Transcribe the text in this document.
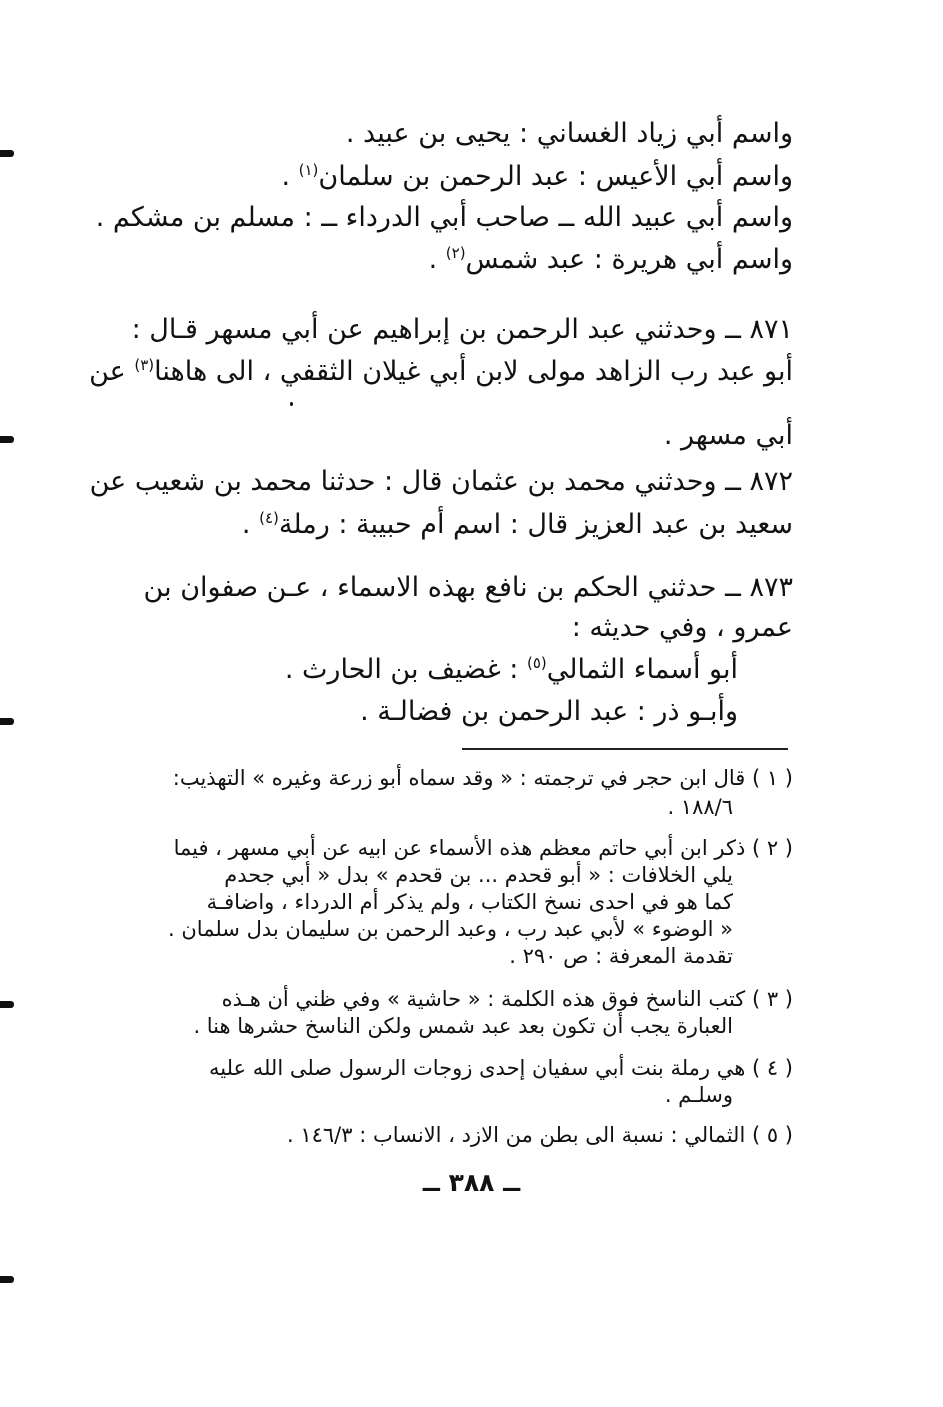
واسم أبي زياد الغساني : يحيى بن عبيد .
واسم أبي الأعيس : عبد الرحمن بن سلمان$^{(١)}$ .
واسم أبي عبيد الله ــ صاحب أبي الدرداء ــ : مسلم بن مشكم .
واسم أبي هريرة : عبد شمس$^{(٢)}$ .
٨٧١ ــ وحدثني عبد الرحمن بن إبراهيم عن أبي مسهر قـال :
أبو عبد رب الزاهد مولى لابن أبي غيلان الثقفي ، الى هاهنا$^{(٣)}$ عن
أبي مسهر .
٨٧٢ ــ وحدثني محمد بن عثمان قال : حدثنا محمد بن شعيب عن
سعيد بن عبد العزيز قال : اسم أم حبيبة : رملة$^{(٤)}$ .
٨٧٣ ــ حدثني الحكم بن نافع بهذه الاسماء ، عـن صفوان بن
عمرو ، وفي حديثه :
أبو أسماء الثمالي$^{(٥)}$ : غضيف بن الحارث .
وأبـو ذر : عبد الرحمن بن فضالـة .
( ١ ) قال ابن حجر في ترجمته : « وقد سماه أبو زرعة وغيره » التهذيب:
١٨٨/٦ .
( ٢ ) ذكر ابن أبي حاتم معظم هذه الأسماء عن ابيه عن أبي مسهر ، فيما
يلي الخلافات : « أبو قحدم ... بن قحدم » بدل « أبي جحدم
كما هو في احدى نسخ الكتاب ، ولم يذكر أم الدرداء ، واضافـة
« الوضوء » لأبي عبد رب ، وعبد الرحمن بن سليمان بدل سلمان .
تقدمة المعرفة : ص ٢٩٠ .
( ٣ ) كتب الناسخ فوق هذه الكلمة : « حاشية » وفي ظني أن هـذه
العبارة يجب أن تكون بعد عبد شمس ولكن الناسخ حشرها هنا .
( ٤ ) هي رملة بنت أبي سفيان إحدى زوجات الرسول صلى الله عليه
وسلـم .
( ٥ ) الثمالي : نسبة الى بطن من الازد ، الانساب : ١٤٦/٣ .
ــ ٣٨٨ ــ
